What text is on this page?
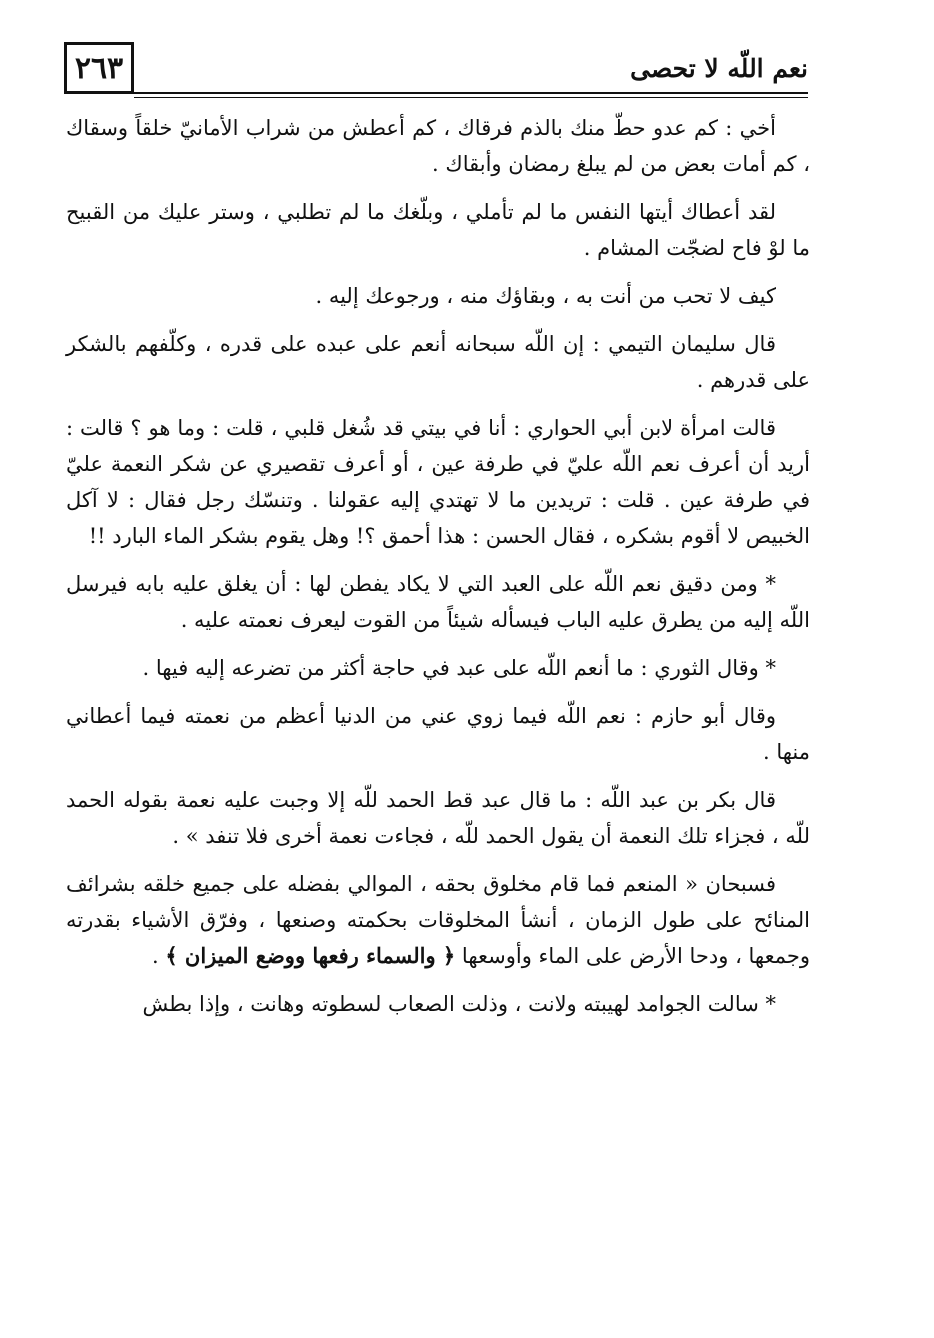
٢٦٣	نعم اللّه لا تحصى

أخي : كم عدو حطّ منك بالذم فرقاك ، كم أعطش من شراب الأمانيّ خلقاً وسقاك ، كم أمات بعض من لم يبلغ رمضان وأبقاك .

لقد أعطاك أيتها النفس ما لم تأملي ، وبلّغك ما لم تطلبي ، وستر عليك من القبيح ما لوْ فاح لضجّت المشام .

كيف لا تحب من أنت به ، وبقاؤك منه ، ورجوعك إليه .

قال سليمان التيمي : إن اللّه سبحانه أنعم على عبده على قدره ، وكلّفهم بالشكر على قدرهم .

قالت امرأة لابن أبي الحواري : أنا في بيتي قد شُغل قلبي ، قلت : وما هو ؟ قالت : أريد أن أعرف نعم اللّه عليّ في طرفة عين ، أو أعرف تقصيري عن شكر النعمة عليّ في طرفة عين . قلت : تريدين ما لا تهتدي إليه عقولنا . وتنسّك رجل فقال : لا آكل الخبيص لا أقوم بشكره ، فقال الحسن : هذا أحمق ؟! وهل يقوم بشكر الماء البارد !!

* ومن دقيق نعم اللّه على العبد التي لا يكاد يفطن لها : أن يغلق عليه بابه فيرسل اللّه إليه من يطرق عليه الباب فيسأله شيئاً من القوت ليعرف نعمته عليه .

* وقال الثوري : ما أنعم اللّه على عبد في حاجة أكثر من تضرعه إليه فيها .

وقال أبو حازم : نعم اللّه فيما زوي عني من الدنيا أعظم من نعمته فيما أعطاني منها .

قال بكر بن عبد اللّه : ما قال عبد قط الحمد للّه إلا وجبت عليه نعمة بقوله الحمد للّه ، فجزاء تلك النعمة أن يقول الحمد للّه ، فجاءت نعمة أخرى فلا تنفد » .

فسبحان « المنعم فما قام مخلوق بحقه ، الموالي بفضله على جميع خلقه بشرائف المنائح على طول الزمان ، أنشأ المخلوقات بحكمته وصنعها ، وفرّق الأشياء بقدرته وجمعها ، ودحا الأرض على الماء وأوسعها ﴿ والسماء رفعها ووضع الميزان ﴾ .

* سالت الجوامد لهيبته ولانت ، وذلت الصعاب لسطوته وهانت ، وإذا بطش
